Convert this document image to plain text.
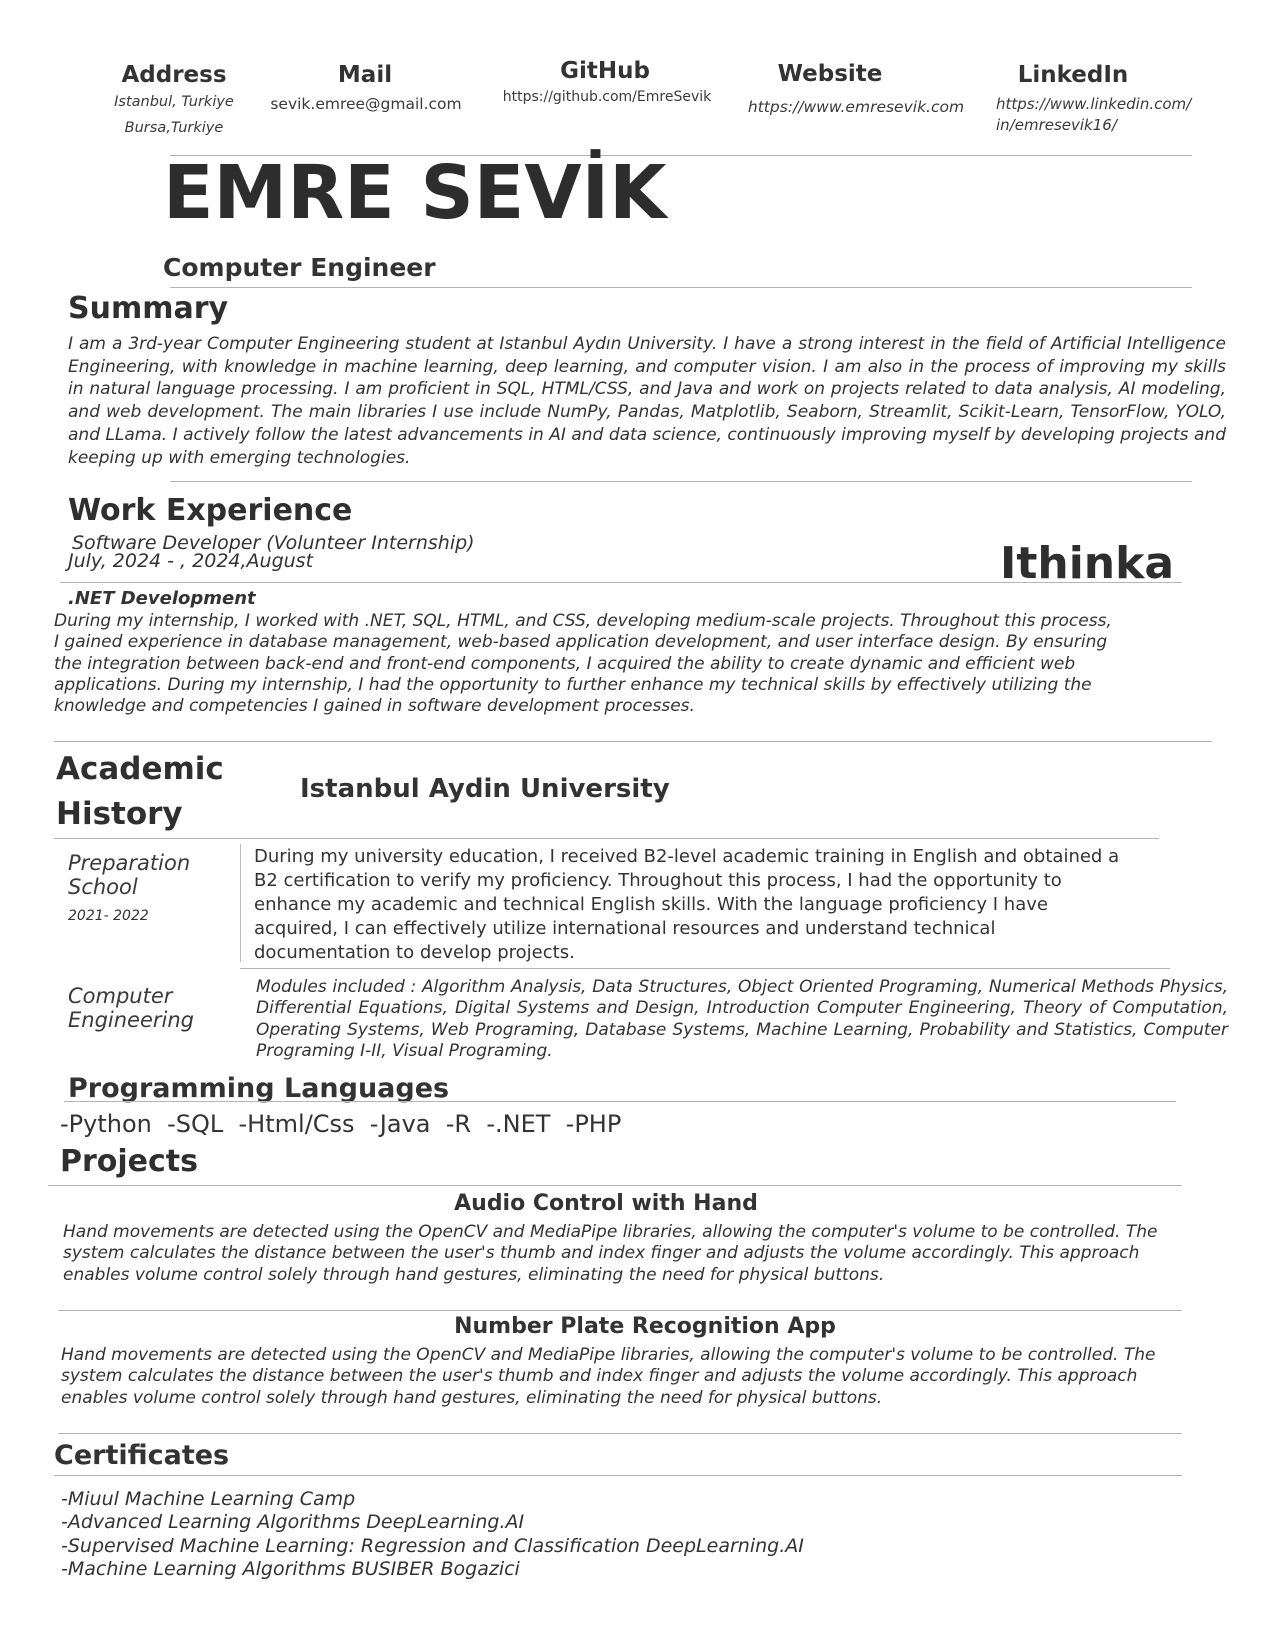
Address
Istanbul, Turkiye
Bursa,Turkiye
Mail
sevik.emree@gmail.com
GitHub
https://github.com/EmreSevik
Website
https://www.emresevik.com
LinkedIn
https://www.linkedin.com/
in/emresevik16/
EMRE SEVİK
Computer Engineer
Summary

I am a 3rd-year Computer Engineering student at Istanbul Aydın University. I have a strong interest in the field of Artificial Intelligence Engineering, with knowledge in machine learning, deep learning, and computer vision. I am also in the process of improving my skills in natural language processing. I am proficient in SQL, HTML/CSS, and Java and work on projects related to data analysis, AI modeling, and web development. The main libraries I use include NumPy, Pandas, Matplotlib, Seaborn, Streamlit, Scikit-Learn, TensorFlow, YOLO, and LLama. I actively follow the latest advancements in AI and data science, continuously improving myself by developing projects and keeping up with emerging technologies.

Work Experience
Software Developer (Volunteer Internship)
July, 2024 - , 2024,August	Ithinka
.NET Development

During my internship, I worked with .NET, SQL, HTML, and CSS, developing medium-scale projects. Throughout this process, I gained experience in database management, web-based application development, and user interface design. By ensuring the integration between back-end and front-end components, I acquired the ability to create dynamic and efficient web applications. During my internship, I had the opportunity to further enhance my technical skills by effectively utilizing the knowledge and competencies I gained in software development processes.

Academic
History
Istanbul Aydin University
Preparation
School
2021- 2022

During my university education, I received B2-level academic training in English and obtained a B2 certification to verify my proficiency. Throughout this process, I had the opportunity to enhance my academic and technical English skills. With the language proficiency I have acquired, I can effectively utilize international resources and understand technical documentation to develop projects.

Computer
Engineering

Modules included : Algorithm Analysis, Data Structures, Object Oriented Programing, Numerical Methods Physics, Differential Equations, Digital Systems and Design, Introduction Computer Engineering, Theory of Computation, Operating Systems, Web Programing, Database Systems, Machine Learning, Probability and Statistics, Computer Programing I-II, Visual Programing.

Programming Languages
-Python  -SQL  -Html/Css  -Java  -R  -.NET  -PHP
Projects
Audio Control with Hand

Hand movements are detected using the OpenCV and MediaPipe libraries, allowing the computer's volume to be controlled. The system calculates the distance between the user's thumb and index finger and adjusts the volume accordingly. This approach enables volume control solely through hand gestures, eliminating the need for physical buttons.

Number Plate Recognition App

Hand movements are detected using the OpenCV and MediaPipe libraries, allowing the computer's volume to be controlled. The system calculates the distance between the user's thumb and index finger and adjusts the volume accordingly. This approach enables volume control solely through hand gestures, eliminating the need for physical buttons.

Certificates
-Miuul Machine Learning Camp
-Advanced Learning Algorithms DeepLearning.AI
-Supervised Machine Learning: Regression and Classification DeepLearning.AI
-Machine Learning Algorithms BUSIBER Bogazici
